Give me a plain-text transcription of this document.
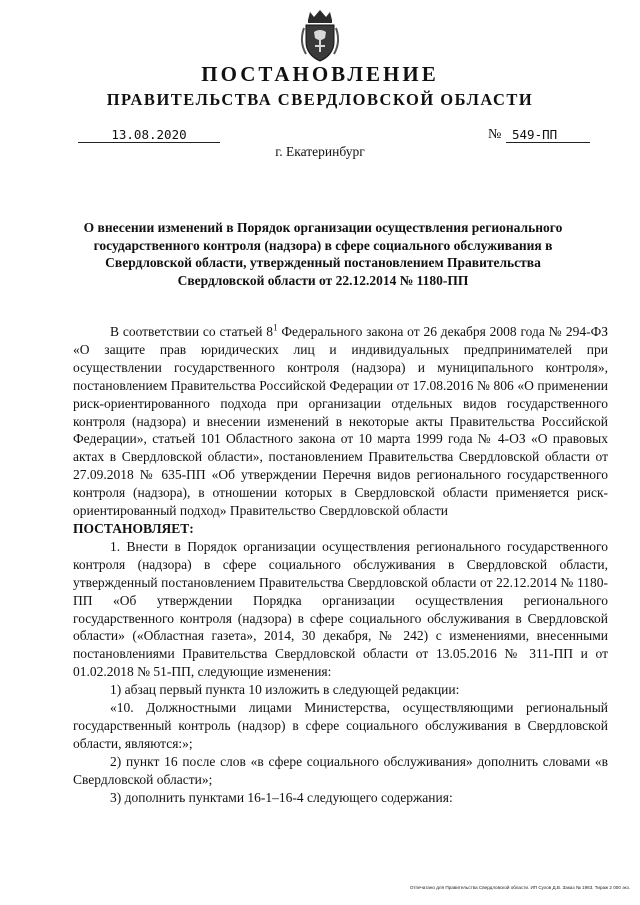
ПОСТАНОВЛЕНИЕ
ПРАВИТЕЛЬСТВА СВЕРДЛОВСКОЙ ОБЛАСТИ
13.08.2020	№ 549-ПП
г. Екатеринбург
О внесении изменений в Порядок организации осуществления регионального государственного контроля (надзора) в сфере социального обслуживания в Свердловской области, утвержденный постановлением Правительства Свердловской области от 22.12.2014 № 1180-ПП

В соответствии со статьей $8^1$ Федерального закона от 26 декабря 2008 года № 294-ФЗ «О защите прав юридических лиц и индивидуальных предпринимателей при осуществлении государственного контроля (надзора) и муниципального контроля», постановлением Правительства Российской Федерации от 17.08.2016 № 806 «О применении риск-ориентированного подхода при организации отдельных видов государственного контроля (надзора) и внесении изменений в некоторые акты Правительства Российской Федерации», статьей 101 Областного закона от 10 марта 1999 года № 4-ОЗ «О правовых актах в Свердловской области», постановлением Правительства Свердловской области от 27.09.2018 № 635-ПП «Об утверждении Перечня видов регионального государственного контроля (надзора), в отношении которых в Свердловской области применяется риск-ориентированный подход» Правительство Свердловской области

ПОСТАНОВЛЯЕТ:

1. Внести в Порядок организации осуществления регионального государственного контроля (надзора) в сфере социального обслуживания в Свердловской области, утвержденный постановлением Правительства Свердловской области от 22.12.2014 № 1180-ПП «Об утверждении Порядка организации осуществления регионального государственного контроля (надзора) в сфере социального обслуживания в Свердловской области» («Областная газета», 2014, 30 декабря, № 242) с изменениями, внесенными постановлениями Правительства Свердловской области от 13.05.2016 № 311-ПП и от 01.02.2018 № 51-ПП, следующие изменения:

1) абзац первый пункта 10 изложить в следующей редакции:

«10. Должностными лицами Министерства, осуществляющими региональный государственный контроль (надзор) в сфере социального обслуживания в Свердловской области, являются:»;

2) пункт 16 после слов «в сфере социального обслуживания» дополнить словами «в Свердловской области»;

3) дополнить пунктами 16-1–16-4 следующего содержания:

Отпечатано для Правительства Свердловской области. ИП Сухов Д.В. Заказ № 1963. Тираж 2 000 экз.
